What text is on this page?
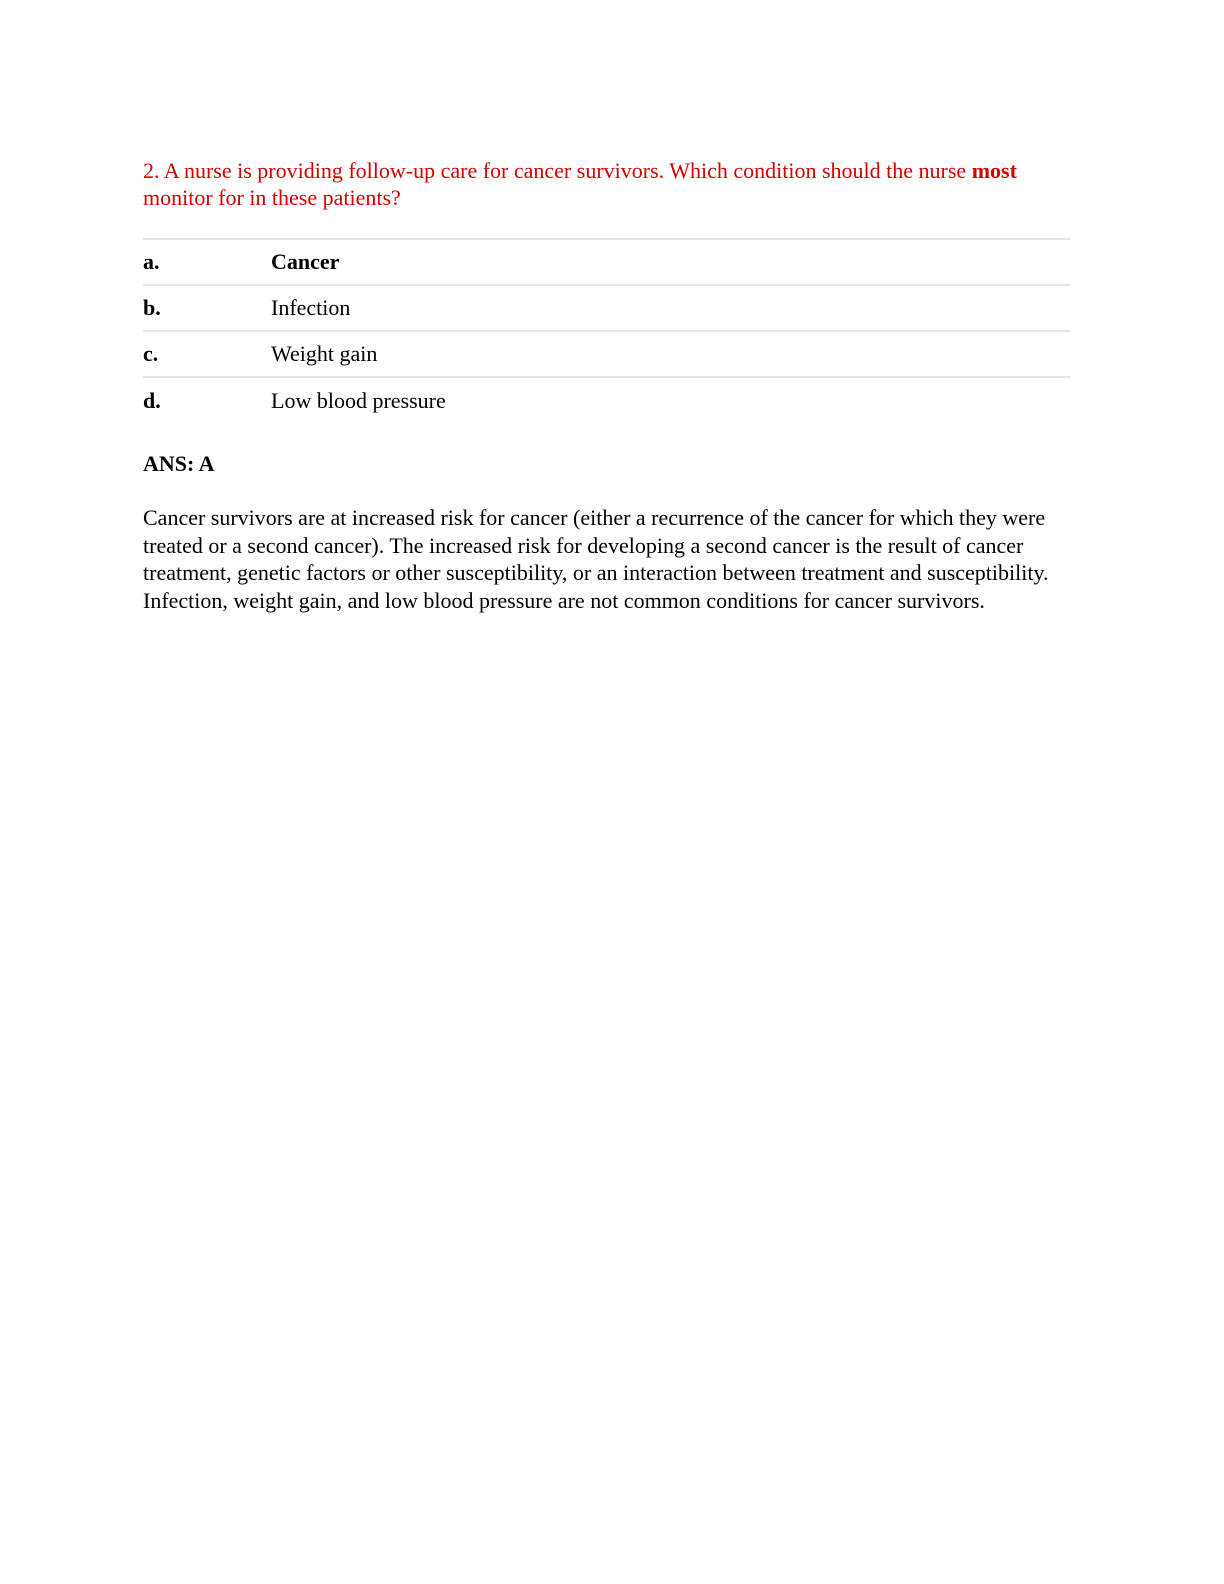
2. A nurse is providing follow-up care for cancer survivors. Which condition should the nurse most monitor for in these patients?

a.	Cancer
b.	Infection
c.	Weight gain
d.	Low blood pressure
ANS: A
Cancer survivors are at increased risk for cancer (either a recurrence of the cancer for which they were treated or a second cancer). The increased risk for developing a second cancer is the result of cancer treatment, genetic factors or other susceptibility, or an interaction between treatment and susceptibility. Infection, weight gain, and low blood pressure are not common conditions for cancer survivors.
